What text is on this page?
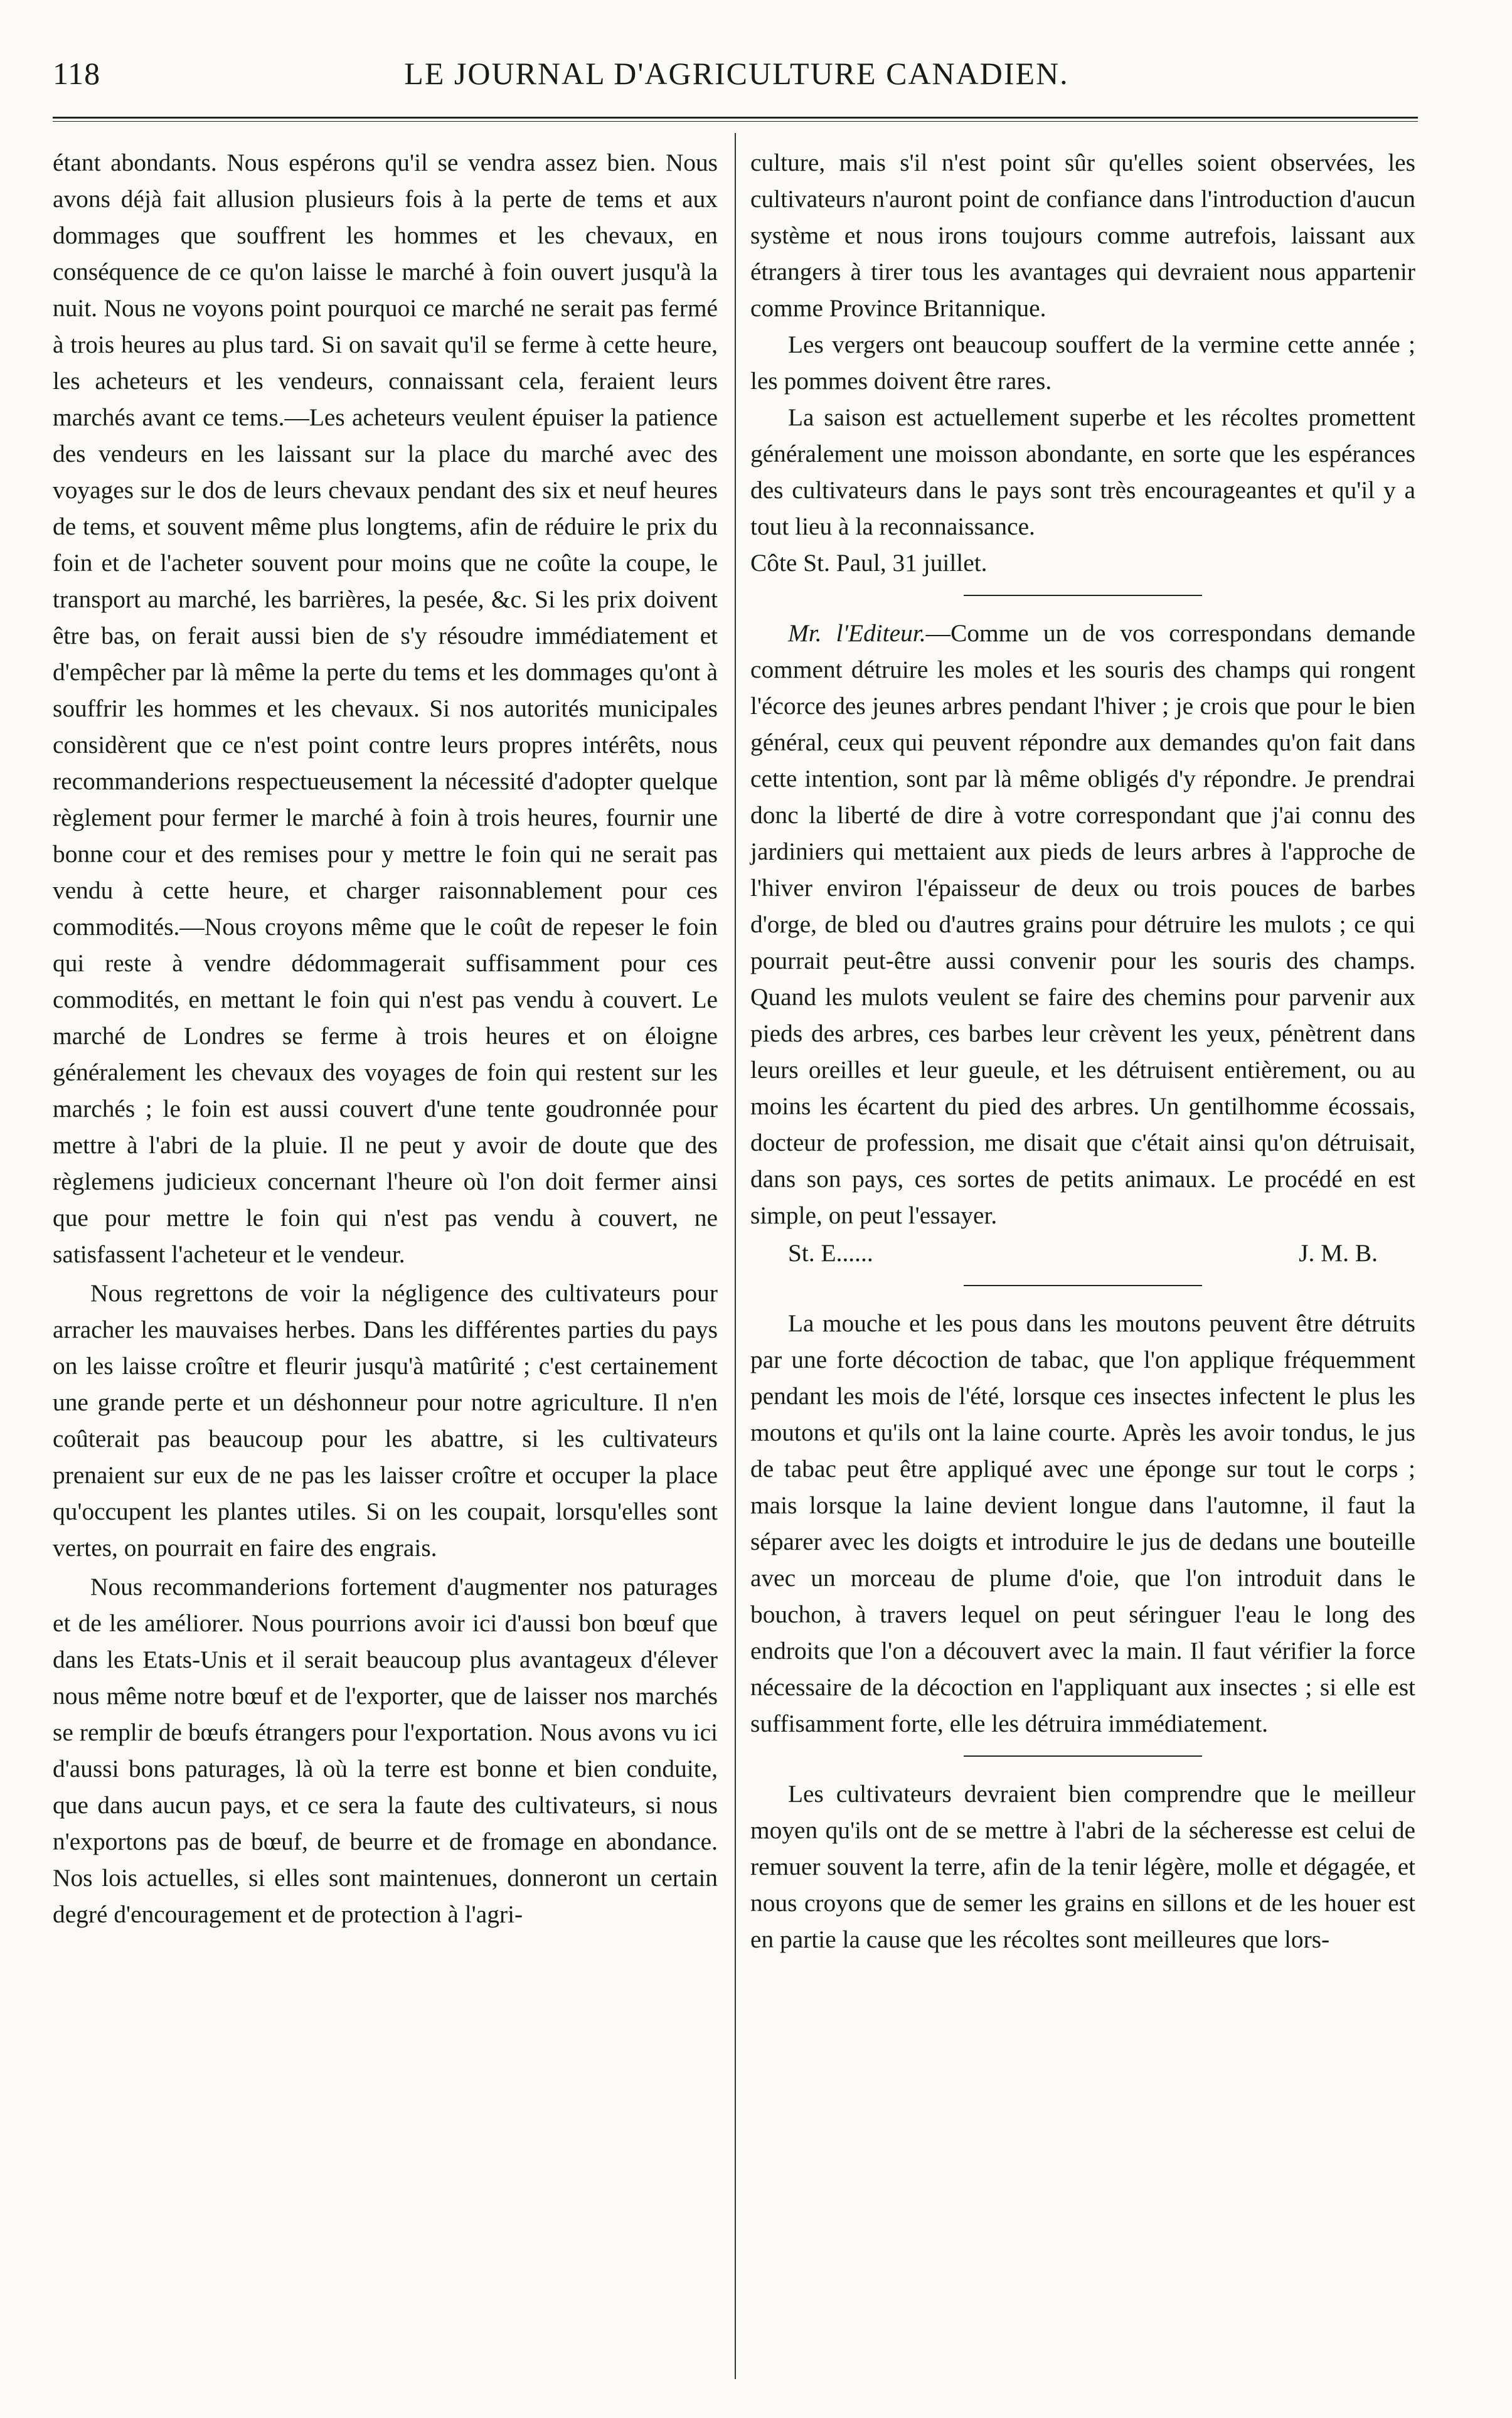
118	LE JOURNAL D'AGRICULTURE CANADIEN.

étant abondants. Nous espérons qu'il se vendra assez bien. Nous avons déjà fait allusion plusieurs fois à la perte de tems et aux dommages que souffrent les hommes et les chevaux, en conséquence de ce qu'on laisse le marché à foin ouvert jusqu'à la nuit. Nous ne voyons point pourquoi ce marché ne serait pas fermé à trois heures au plus tard. Si on savait qu'il se ferme à cette heure, les acheteurs et les vendeurs, connaissant cela, feraient leurs marchés avant ce tems.—Les acheteurs veulent épuiser la patience des vendeurs en les laissant sur la place du marché avec des voyages sur le dos de leurs chevaux pendant des six et neuf heures de tems, et souvent même plus longtems, afin de réduire le prix du foin et de l'acheter souvent pour moins que ne coûte la coupe, le transport au marché, les barrières, la pesée, &c. Si les prix doivent être bas, on ferait aussi bien de s'y résoudre immédiatement et d'empêcher par là même la perte du tems et les dommages qu'ont à souffrir les hommes et les chevaux. Si nos autorités municipales considèrent que ce n'est point contre leurs propres intérêts, nous recommanderions respectueusement la nécessité d'adopter quelque règlement pour fermer le marché à foin à trois heures, fournir une bonne cour et des remises pour y mettre le foin qui ne serait pas vendu à cette heure, et charger raisonnablement pour ces commodités.—Nous croyons même que le coût de repeser le foin qui reste à vendre dédommagerait suffisamment pour ces commodités, en mettant le foin qui n'est pas vendu à couvert. Le marché de Londres se ferme à trois heures et on éloigne généralement les chevaux des voyages de foin qui restent sur les marchés ; le foin est aussi couvert d'une tente goudronnée pour mettre à l'abri de la pluie. Il ne peut y avoir de doute que des règlemens judicieux concernant l'heure où l'on doit fermer ainsi que pour mettre le foin qui n'est pas vendu à couvert, ne satisfassent l'acheteur et le vendeur.

Nous regrettons de voir la négligence des cultivateurs pour arracher les mauvaises herbes. Dans les différentes parties du pays on les laisse croître et fleurir jusqu'à matûrité ; c'est certainement une grande perte et un déshonneur pour notre agriculture. Il n'en coûterait pas beaucoup pour les abattre, si les cultivateurs prenaient sur eux de ne pas les laisser croître et occuper la place qu'occupent les plantes utiles. Si on les coupait, lorsqu'elles sont vertes, on pourrait en faire des engrais.

Nous recommanderions fortement d'augmenter nos paturages et de les améliorer. Nous pourrions avoir ici d'aussi bon bœuf que dans les Etats-Unis et il serait beaucoup plus avantageux d'élever nous même notre bœuf et de l'exporter, que de laisser nos marchés se remplir de bœufs étrangers pour l'exportation. Nous avons vu ici d'aussi bons paturages, là où la terre est bonne et bien conduite, que dans aucun pays, et ce sera la faute des cultivateurs, si nous n'exportons pas de bœuf, de beurre et de fromage en abondance. Nos lois actuelles, si elles sont maintenues, donneront un certain degré d'encouragement et de protection à l'agri-

culture, mais s'il n'est point sûr qu'elles soient observées, les cultivateurs n'auront point de confiance dans l'introduction d'aucun système et nous irons toujours comme autrefois, laissant aux étrangers à tirer tous les avantages qui devraient nous appartenir comme Province Britannique.

Les vergers ont beaucoup souffert de la vermine cette année ; les pommes doivent être rares.

La saison est actuellement superbe et les récoltes promettent généralement une moisson abondante, en sorte que les espérances des cultivateurs dans le pays sont très encourageantes et qu'il y a tout lieu à la reconnaissance.

Côte St. Paul, 31 juillet.

Mr. l'Editeur.—Comme un de vos correspondans demande comment détruire les moles et les souris des champs qui rongent l'écorce des jeunes arbres pendant l'hiver ; je crois que pour le bien général, ceux qui peuvent répondre aux demandes qu'on fait dans cette intention, sont par là même obligés d'y répondre. Je prendrai donc la liberté de dire à votre correspondant que j'ai connu des jardiniers qui mettaient aux pieds de leurs arbres à l'approche de l'hiver environ l'épaisseur de deux ou trois pouces de barbes d'orge, de bled ou d'autres grains pour détruire les mulots ; ce qui pourrait peut-être aussi convenir pour les souris des champs. Quand les mulots veulent se faire des chemins pour parvenir aux pieds des arbres, ces barbes leur crèvent les yeux, pénètrent dans leurs oreilles et leur gueule, et les détruisent entièrement, ou au moins les écartent du pied des arbres. Un gentilhomme écossais, docteur de profession, me disait que c'était ainsi qu'on détruisait, dans son pays, ces sortes de petits animaux. Le procédé en est simple, on peut l'essayer.

St. E......	J. M. B.

La mouche et les pous dans les moutons peuvent être détruits par une forte décoction de tabac, que l'on applique fréquemment pendant les mois de l'été, lorsque ces insectes infectent le plus les moutons et qu'ils ont la laine courte. Après les avoir tondus, le jus de tabac peut être appliqué avec une éponge sur tout le corps ; mais lorsque la laine devient longue dans l'automne, il faut la séparer avec les doigts et introduire le jus de dedans une bouteille avec un morceau de plume d'oie, que l'on introduit dans le bouchon, à travers lequel on peut séringuer l'eau le long des endroits que l'on a découvert avec la main. Il faut vérifier la force nécessaire de la décoction en l'appliquant aux insectes ; si elle est suffisamment forte, elle les détruira immédiatement.

Les cultivateurs devraient bien comprendre que le meilleur moyen qu'ils ont de se mettre à l'abri de la sécheresse est celui de remuer souvent la terre, afin de la tenir légère, molle et dégagée, et nous croyons que de semer les grains en sillons et de les houer est en partie la cause que les récoltes sont meilleures que lors-
